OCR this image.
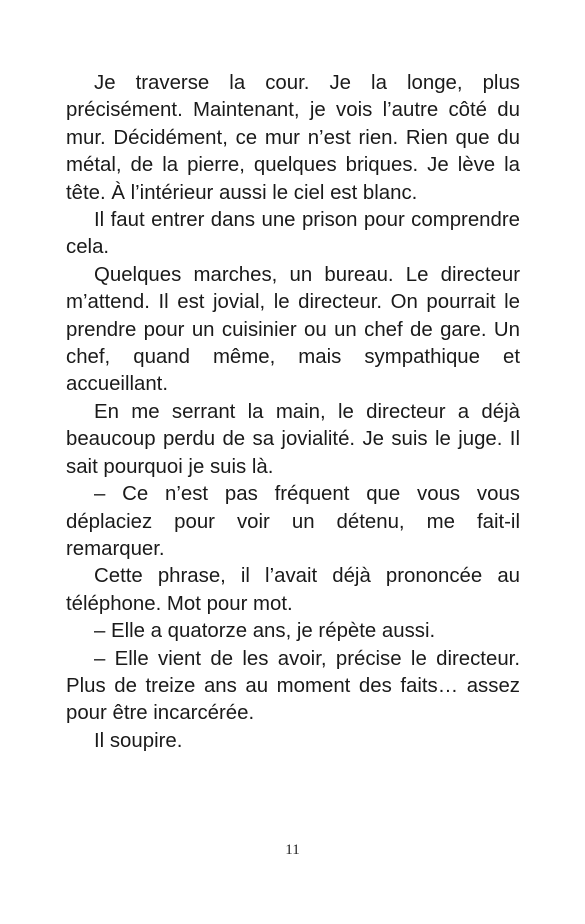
Je traverse la cour. Je la longe, plus précisément. Maintenant, je vois l’autre côté du mur. Décidément, ce mur n’est rien. Rien que du métal, de la pierre, quelques briques. Je lève la tête. À l’intérieur aussi le ciel est blanc.

Il faut entrer dans une prison pour comprendre cela.

Quelques marches, un bureau. Le directeur m’attend. Il est jovial, le directeur. On pourrait le prendre pour un cuisinier ou un chef de gare. Un chef, quand même, mais sympathique et accueillant.

En me serrant la main, le directeur a déjà beaucoup perdu de sa jovialité. Je suis le juge. Il sait pourquoi je suis là.

– Ce n’est pas fréquent que vous vous déplaciez pour voir un détenu, me fait-il remarquer.

Cette phrase, il l’avait déjà prononcée au téléphone. Mot pour mot.

– Elle a quatorze ans, je répète aussi.

– Elle vient de les avoir, précise le directeur. Plus de treize ans au moment des faits… assez pour être incarcérée.

Il soupire.

11
